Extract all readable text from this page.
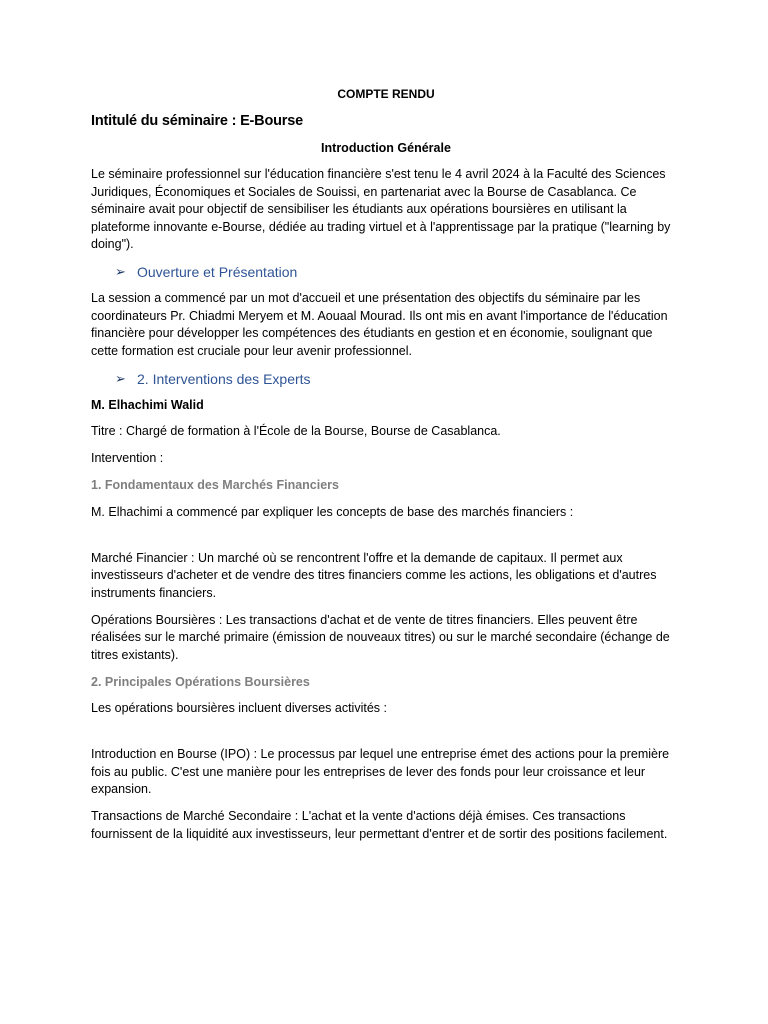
COMPTE RENDU
Intitulé du séminaire : E-Bourse
Introduction Générale

Le séminaire professionnel sur l'éducation financière s'est tenu le 4 avril 2024 à la Faculté des Sciences Juridiques, Économiques et Sociales de Souissi, en partenariat avec la Bourse de Casablanca. Ce séminaire avait pour objectif de sensibiliser les étudiants aux opérations boursières en utilisant la plateforme innovante e-Bourse, dédiée au trading virtuel et à l'apprentissage par la pratique ("learning by doing").

➢ Ouverture et Présentation

La session a commencé par un mot d'accueil et une présentation des objectifs du séminaire par les coordinateurs Pr. Chiadmi Meryem et M. Aouaal Mourad. Ils ont mis en avant l'importance de l'éducation financière pour développer les compétences des étudiants en gestion et en économie, soulignant que cette formation est cruciale pour leur avenir professionnel.

➢ 2. Interventions des Experts
M. Elhachimi Walid

Titre : Chargé de formation à l'École de la Bourse, Bourse de Casablanca.

Intervention :

1. Fondamentaux des Marchés Financiers

M. Elhachimi a commencé par expliquer les concepts de base des marchés financiers :

Marché Financier : Un marché où se rencontrent l'offre et la demande de capitaux. Il permet aux investisseurs d'acheter et de vendre des titres financiers comme les actions, les obligations et d'autres instruments financiers.

Opérations Boursières : Les transactions d'achat et de vente de titres financiers. Elles peuvent être réalisées sur le marché primaire (émission de nouveaux titres) ou sur le marché secondaire (échange de titres existants).

2. Principales Opérations Boursières

Les opérations boursières incluent diverses activités :

Introduction en Bourse (IPO) : Le processus par lequel une entreprise émet des actions pour la première fois au public. C'est une manière pour les entreprises de lever des fonds pour leur croissance et leur expansion.

Transactions de Marché Secondaire : L'achat et la vente d'actions déjà émises. Ces transactions fournissent de la liquidité aux investisseurs, leur permettant d'entrer et de sortir des positions facilement.
